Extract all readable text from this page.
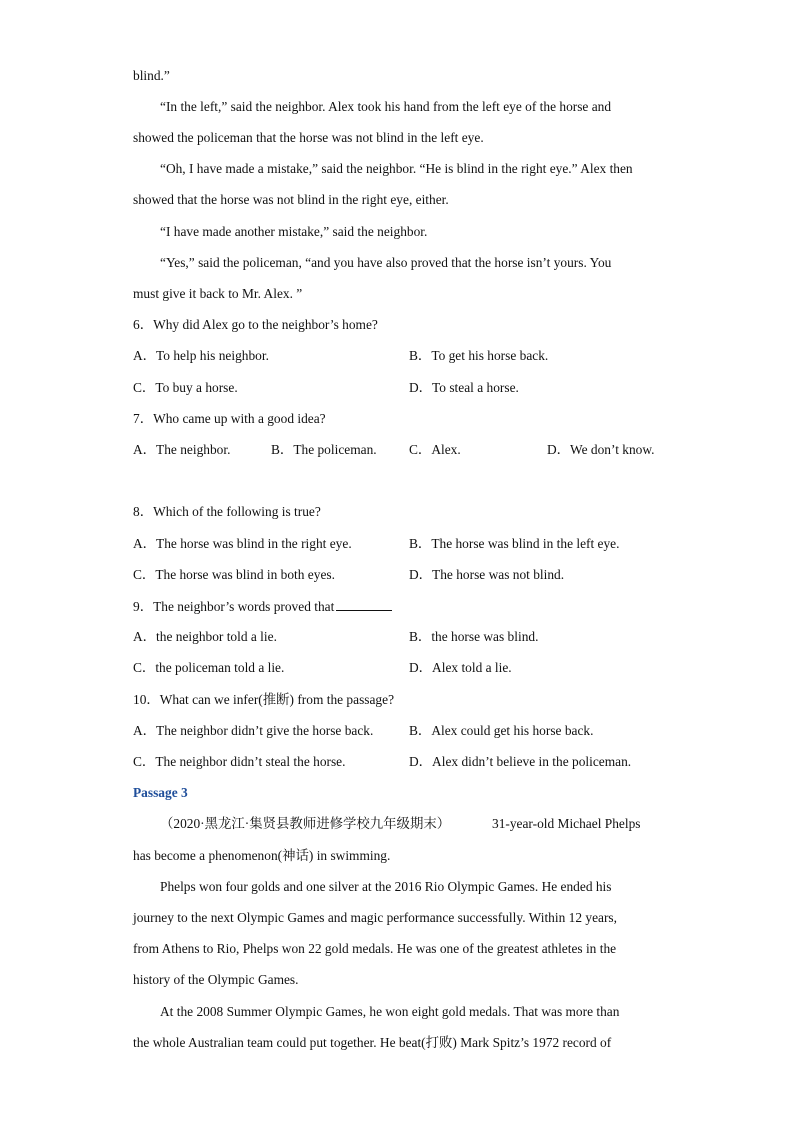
blind.”
“In the left,” said the neighbor. Alex took his hand from the left eye of the horse and
showed the policeman that the horse was not blind in the left eye.
“Oh, I have made a mistake,” said the neighbor. “He is blind in the right eye.” Alex then
showed that the horse was not blind in the right eye, either.
“I have made another mistake,” said the neighbor.
“Yes,” said the policeman, “and you have also proved that the horse isn’t yours. You
must give it back to Mr. Alex. ”
6．Why did Alex go to the neighbor’s home?
A．To help his neighbor.	B．To get his horse back.
C．To buy a horse.	D．To steal a horse.
7．Who came up with a good idea?
A．The neighbor.	B．The policeman. C．Alex.	D．We don’t know.
8．Which of the following is true?
A．The horse was blind in the right eye.	B．The horse was blind in the left eye.
C．The horse was blind in both eyes.	D．The horse was not blind.
9．The neighbor’s words proved that
A．the neighbor told a lie.	B．the horse was blind.
C．the policeman told a lie.	D．Alex told a lie.
10．What can we infer(推断) from the passage?
A．The neighbor didn’t give the horse back.	B．Alex could get his horse back.
C．The neighbor didn’t steal the horse.	D．Alex didn’t believe in the policeman.
Passage 3
（2020·黑龙江·集贤县教师进修学校九年级期末）	31-year-old Michael Phelps
has become a phenomenon(神话) in swimming.
Phelps won four golds and one silver at the 2016 Rio Olympic Games. He ended his
journey to the next Olympic Games and magic performance successfully. Within 12 years,
from Athens to Rio, Phelps won 22 gold medals. He was one of the greatest athletes in the
history of the Olympic Games.
At the 2008 Summer Olympic Games, he won eight gold medals. That was more than
the whole Australian team could put together. He beat(打败) Mark Spitz’s 1972 record of
